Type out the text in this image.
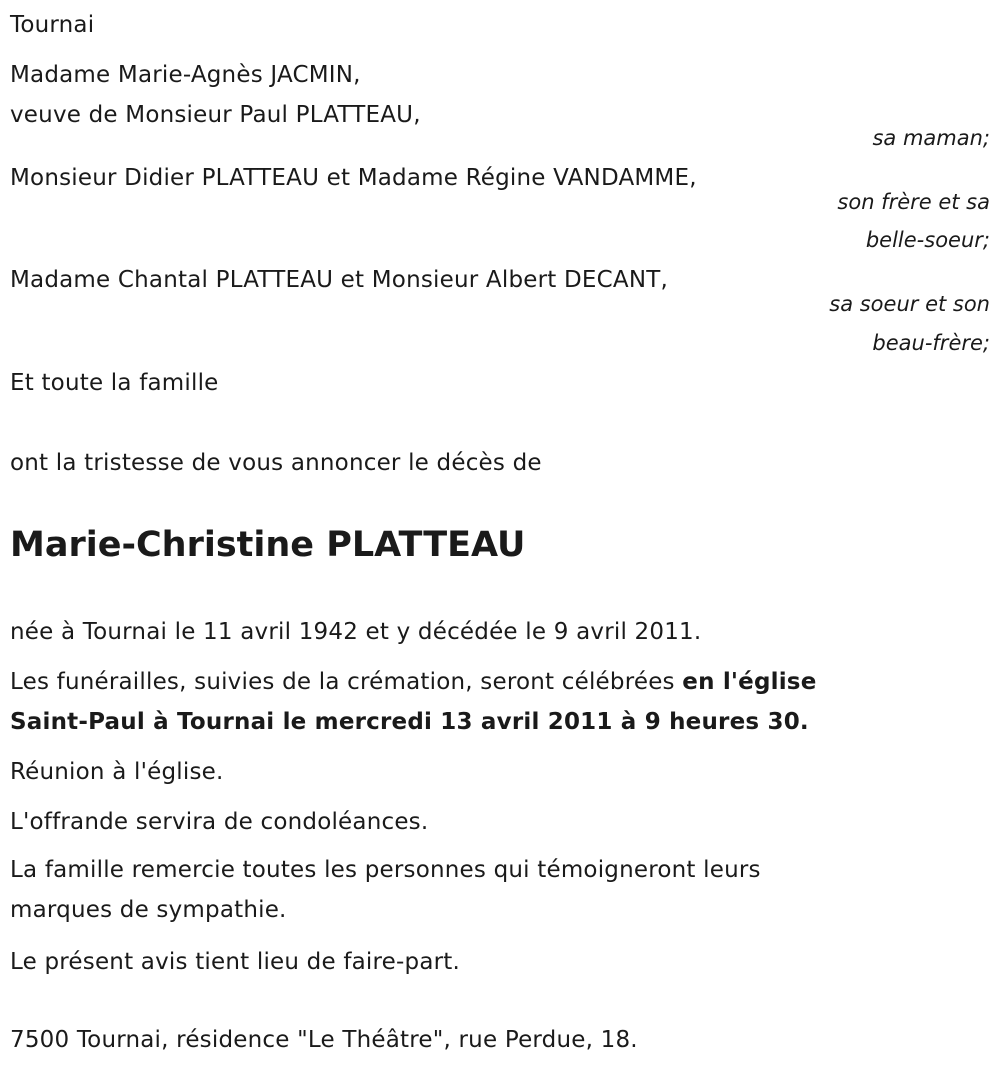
Tournai
Madame Marie-Agnès JACMIN,
veuve de Monsieur Paul PLATTEAU,
sa maman;
Monsieur Didier PLATTEAU et Madame Régine VANDAMME,
son frère et sa
belle-soeur;
Madame Chantal PLATTEAU et Monsieur Albert DECANT,
sa soeur et son
beau-frère;
Et toute la famille
ont la tristesse de vous annoncer le décès de
Marie-Christine PLATTEAU
née à Tournai le 11 avril 1942 et y décédée le 9 avril 2011.
Les funérailles, suivies de la crémation, seront célébrées en l'église
Saint-Paul à Tournai le mercredi 13 avril 2011 à 9 heures 30.
Réunion à l'église.
L'offrande servira de condoléances.
La famille remercie toutes les personnes qui témoigneront leurs
marques de sympathie.
Le présent avis tient lieu de faire-part.
7500 Tournai, résidence "Le Théâtre", rue Perdue, 18.
